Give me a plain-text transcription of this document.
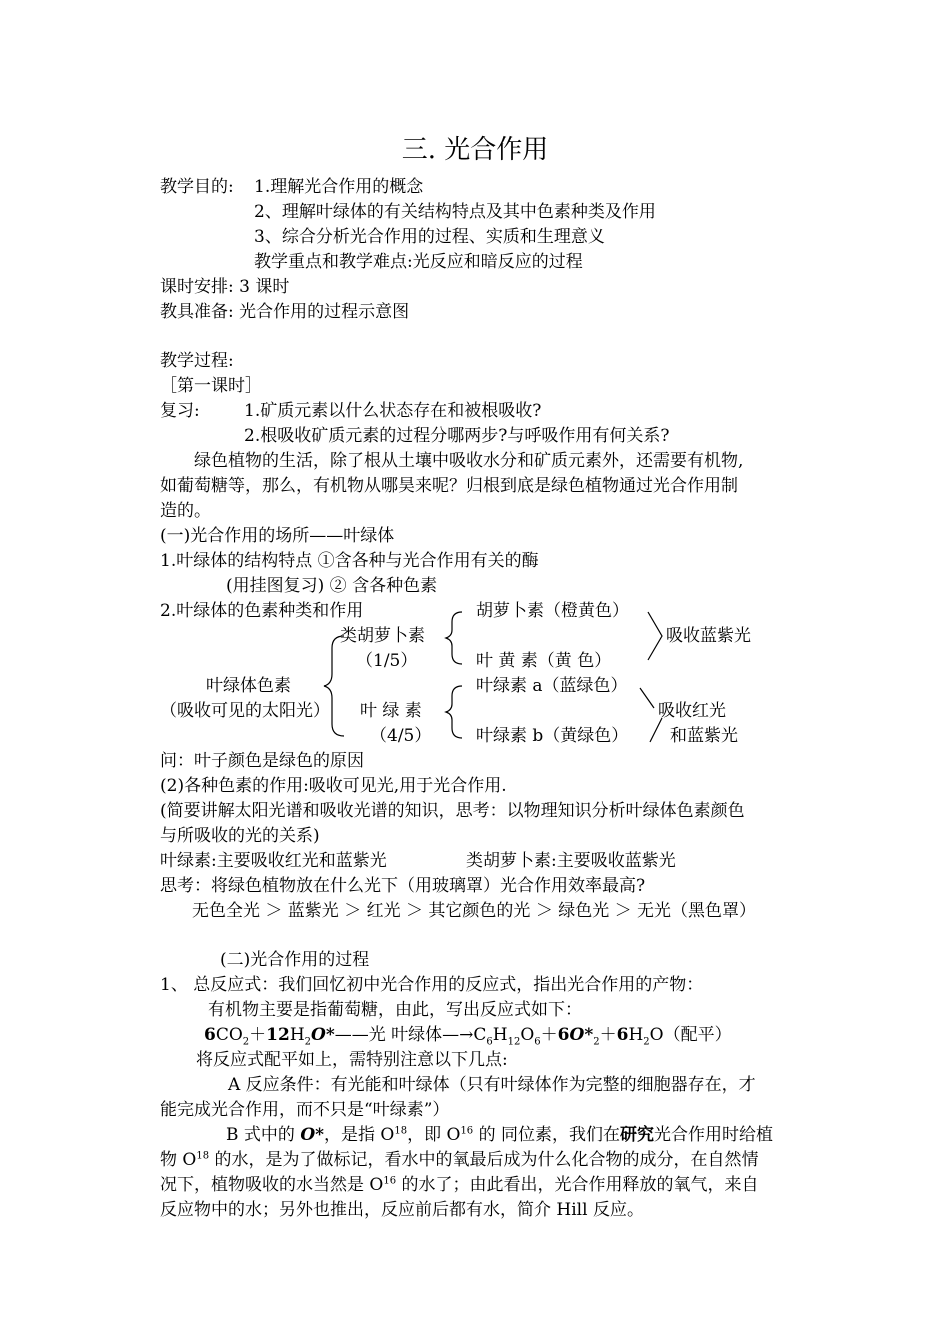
三. 光合作用
教学目的: 1.理解光合作用的概念
2、理解叶绿体的有关结构特点及其中色素种类及作用
3、综合分析光合作用的过程、实质和生理意义
教学重点和教学难点:光反应和暗反应的过程
课时安排: 3 课时
教具准备: 光合作用的过程示意图
教学过程:
［第一课时］
复习:	1.矿质元素以什么状态存在和被根吸收?
2.根吸收矿质元素的过程分哪两步?与呼吸作用有何关系?
绿色植物的生活，除了根从土壤中吸收水分和矿质元素外，还需要有机物,
如葡萄糖等，那么，有机物从哪昊来呢？归根到底是绿色植物通过光合作用制
造的。
(一)光合作用的场所——叶绿体
1.叶绿体的结构特点 ①含各种与光合作用有关的酶
(用挂图复习) ② 含各种色素
2.叶绿体的色素种类和作用	胡萝卜素（橙黄色）
类胡萝卜素	吸收蓝紫光
（1/5）	叶 黄 素（黄 色）
叶绿体色素	叶绿素 a（蓝绿色）
（吸收可见的太阳光） 叶 绿 素	吸收红光
（4/5）	叶绿素 b（黄绿色） 和蓝紫光
问：叶子颜色是绿色的原因
(2)各种色素的作用:吸收可见光,用于光合作用.
(简要讲解太阳光谱和吸收光谱的知识，思考：以物理知识分析叶绿体色素颜色
与所吸收的光的关系)
叶绿素:主要吸收红光和蓝紫光	类胡萝卜素:主要吸收蓝紫光
思考：将绿色植物放在什么光下（用玻璃罩）光合作用效率最高?
无色全光 ＞ 蓝紫光 ＞ 红光 ＞ 其它颜色的光 ＞ 绿色光 ＞ 无光（黑色罩）
(二)光合作用的过程
1、 总反应式：我们回忆初中光合作用的反应式，指出光合作用的产物：
有机物主要是指葡萄糖，由此，写出反应式如下：
$6CO_2+12H_2O*——$光 叶绿体$—\to C_6H_{12}O_6+6O*_2+6H_2O$（配平）
将反应式配平如上，需特别注意以下几点:
A 反应条件：有光能和叶绿体（只有叶绿体作为完整的细胞器存在，才
能完成光合作用，而不只是“叶绿素”）
B 式中的 O*，是指 $O^{18}$，即 $O^{16}$ 的 同位素，我们在研究光合作用时给植
物 $O^{18}$ 的水，是为了做标记，看水中的氧最后成为什么化合物的成分，在自然情
况下，植物吸收的水当然是 $O^{16}$ 的水了；由此看出，光合作用释放的氧气，来自
反应物中的水；另外也推出，反应前后都有水，简介 Hill 反应。
